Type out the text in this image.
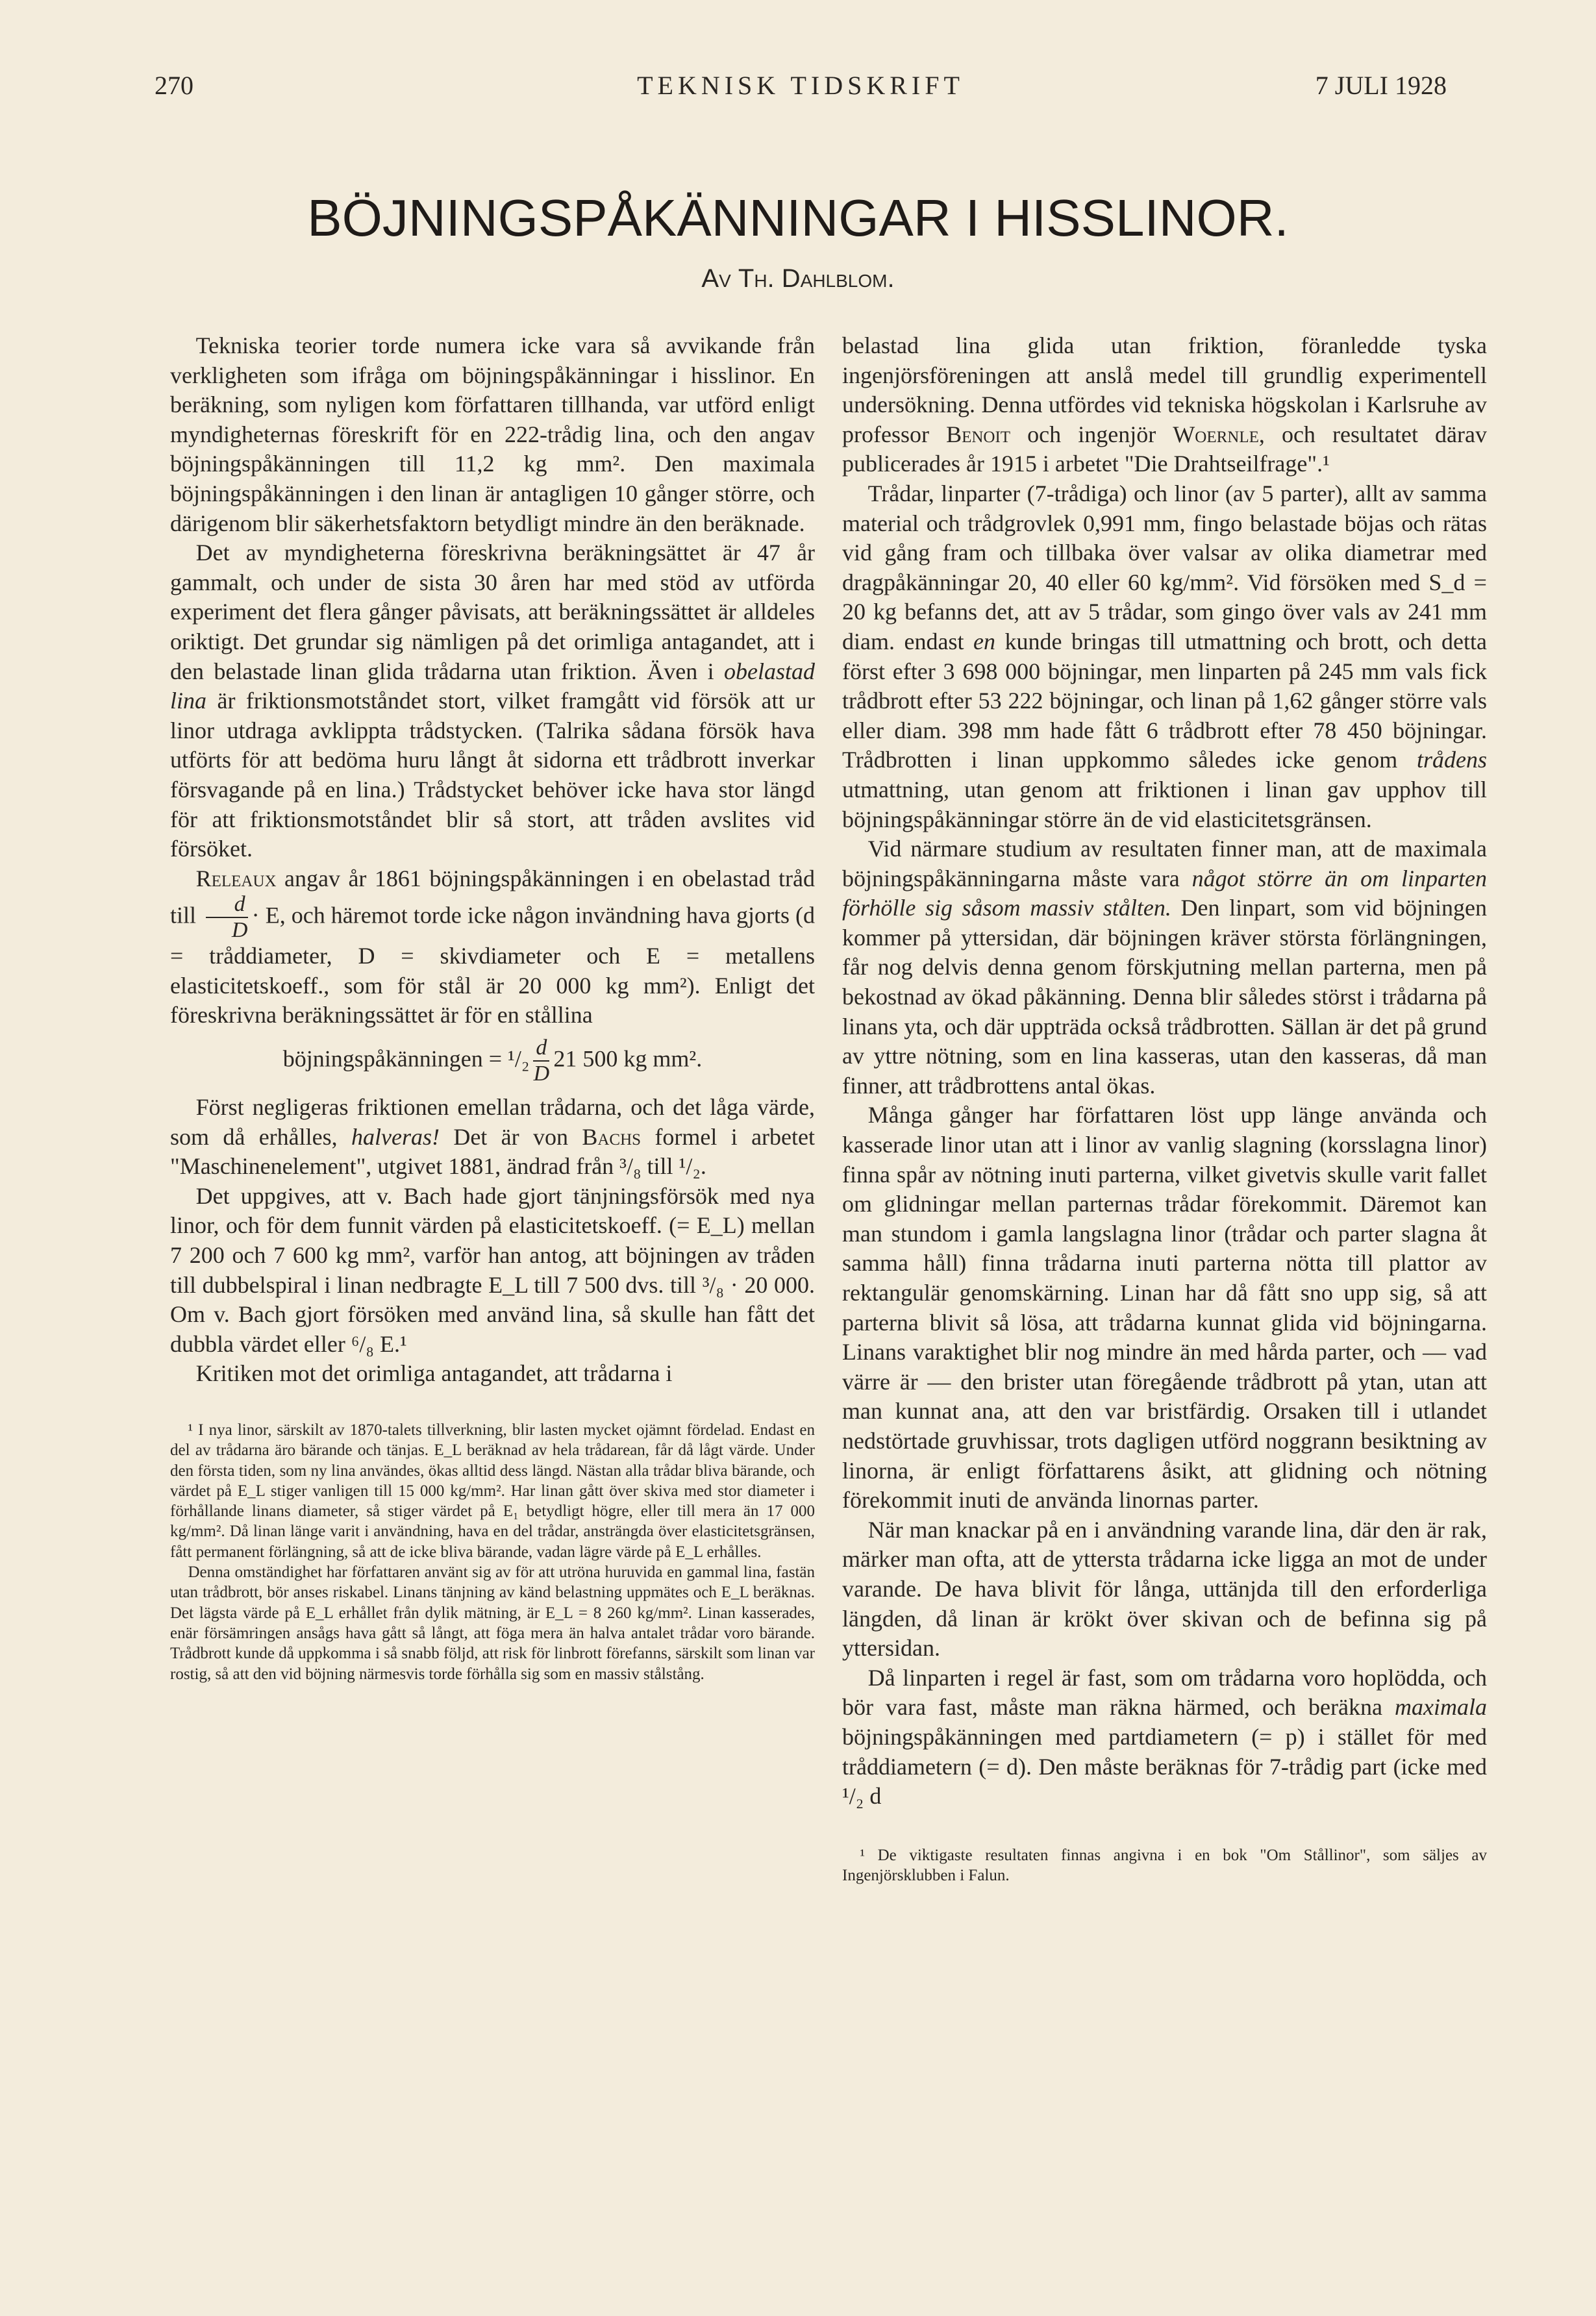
270	TEKNISK TIDSKRIFT	7 JULI 1928
BÖJNINGSPÅKÄNNINGAR I HISSLINOR.
Av Th. Dahlblom.

Tekniska teorier torde numera icke vara så avvikande från verkligheten som ifråga om böjningspåkänningar i hisslinor. En beräkning, som nyligen kom författaren tillhanda, var utförd enligt myndigheternas föreskrift för en 222-trådig lina, och den angav böjningspåkänningen till 11,2 kg mm². Den maximala böjningspåkänningen i den linan är antagligen 10 gånger större, och därigenom blir säkerhetsfaktorn betydligt mindre än den beräknade.

Det av myndigheterna föreskrivna beräkningsättet är 47 år gammalt, och under de sista 30 åren har med stöd av utförda experiment det flera gånger påvisats, att beräkningssättet är alldeles oriktigt. Det grundar sig nämligen på det orimliga antagandet, att i den belastade linan glida trådarna utan friktion. Även i obelastad lina är friktionsmotståndet stort, vilket framgått vid försök att ur linor utdraga avklippta trådstycken. (Talrika sådana försök hava utförts för att bedöma huru långt åt sidorna ett trådbrott inverkar försvagande på en lina.) Trådstycket behöver icke hava stor längd för att friktionsmotståndet blir så stort, att tråden avslites vid försöket.

Releaux angav år 1861 böjningspåkänningen i en obelastad tråd till $\frac{d}{D} \cdot E$, och häremot torde icke någon invändning hava gjorts (d = tråddiameter, D = skivdiameter och E = metallens elasticitetskoeff., som för stål är 20 000 kg mm²). Enligt det föreskrivna beräkningssättet är för en stållina

böjningspåkänningen = $^1/_2 \frac{d}{D} 21$ 500 kg mm².

Först negligeras friktionen emellan trådarna, och det låga värde, som då erhålles, halveras! Det är von Bachs formel i arbetet "Maschinenelement", utgivet 1881, ändrad från ³/₈ till ¹/₂.

Det uppgives, att v. Bach hade gjort tänjningsförsök med nya linor, och för dem funnit värden på elasticitetskoeff. (= E_L) mellan 7 200 och 7 600 kg mm², varför han antog, att böjningen av tråden till dubbelspiral i linan nedbragte E_L till 7 500 dvs. till ³/₈ · 20 000. Om v. Bach gjort försöken med använd lina, så skulle han fått det dubbla värdet eller ⁶/₈ E.¹

Kritiken mot det orimliga antagandet, att trådarna i

¹ I nya linor, särskilt av 1870-talets tillverkning, blir lasten mycket ojämnt fördelad. Endast en del av trådarna äro bärande och tänjas. E_L beräknad av hela trådarean, får då lågt värde. Under den första tiden, som ny lina användes, ökas alltid dess längd. Nästan alla trådar bliva bärande, och värdet på E_L stiger vanligen till 15 000 kg/mm². Har linan gått över skiva med stor diameter i förhållande linans diameter, så stiger värdet på E₁ betydligt högre, eller till mera än 17 000 kg/mm². Då linan länge varit i användning, hava en del trådar, ansträngda över elasticitetsgränsen, fått permanent förlängning, så att de icke bliva bärande, vadan lägre värde på E_L erhålles.

Denna omständighet har författaren använt sig av för att utröna huruvida en gammal lina, fastän utan trådbrott, bör anses riskabel. Linans tänjning av känd belastning uppmätes och E_L beräknas. Det lägsta värde på E_L erhållet från dylik mätning, är E_L = 8 260 kg/mm². Linan kasserades, enär försämringen ansågs hava gått så långt, att föga mera än halva antalet trådar voro bärande. Trådbrott kunde då uppkomma i så snabb följd, att risk för linbrott förefanns, särskilt som linan var rostig, så att den vid böjning närmesvis torde förhålla sig som en massiv stålstång.

belastad lina glida utan friktion, föranledde tyska ingenjörsföreningen att anslå medel till grundlig experimentell undersökning. Denna utfördes vid tekniska högskolan i Karlsruhe av professor Benoit och ingenjör Woernle, och resultatet därav publicerades år 1915 i arbetet "Die Drahtseilfrage".¹

Trådar, linparter (7-trådiga) och linor (av 5 parter), allt av samma material och trådgrovlek 0,991 mm, fingo belastade böjas och rätas vid gång fram och tillbaka över valsar av olika diametrar med dragpåkänningar 20, 40 eller 60 kg/mm². Vid försöken med S_d = 20 kg befanns det, att av 5 trådar, som gingo över vals av 241 mm diam. endast en kunde bringas till utmattning och brott, och detta först efter 3 698 000 böjningar, men linparten på 245 mm vals fick trådbrott efter 53 222 böjningar, och linan på 1,62 gånger större vals eller diam. 398 mm hade fått 6 trådbrott efter 78 450 böjningar. Trådbrotten i linan uppkommo således icke genom trådens utmattning, utan genom att friktionen i linan gav upphov till böjningspåkänningar större än de vid elasticitetsgränsen.

Vid närmare studium av resultaten finner man, att de maximala böjningspåkänningarna måste vara något större än om linparten förhölle sig såsom massiv stålten. Den linpart, som vid böjningen kommer på yttersidan, där böjningen kräver största förlängningen, får nog delvis denna genom förskjutning mellan parterna, men på bekostnad av ökad påkänning. Denna blir således störst i trådarna på linans yta, och där uppträda också trådbrotten. Sällan är det på grund av yttre nötning, som en lina kasseras, utan den kasseras, då man finner, att trådbrottens antal ökas.

Många gånger har författaren löst upp länge använda och kasserade linor utan att i linor av vanlig slagning (korsslagna linor) finna spår av nötning inuti parterna, vilket givetvis skulle varit fallet om glidningar mellan parternas trådar förekommit. Däremot kan man stundom i gamla langslagna linor (trådar och parter slagna åt samma håll) finna trådarna inuti parterna nötta till plattor av rektangulär genomskärning. Linan har då fått sno upp sig, så att parterna blivit så lösa, att trådarna kunnat glida vid böjningarna. Linans varaktighet blir nog mindre än med hårda parter, och — vad värre är — den brister utan föregående trådbrott på ytan, utan att man kunnat ana, att den var bristfärdig. Orsaken till i utlandet nedstörtade gruvhissar, trots dagligen utförd noggrann besiktning av linorna, är enligt författarens åsikt, att glidning och nötning förekommit inuti de använda linornas parter.

När man knackar på en i användning varande lina, där den är rak, märker man ofta, att de yttersta trådarna icke ligga an mot de under varande. De hava blivit för långa, uttänjda till den erforderliga längden, då linan är krökt över skivan och de befinna sig på yttersidan.

Då linparten i regel är fast, som om trådarna voro hoplödda, och bör vara fast, måste man räkna härmed, och beräkna maximala böjningspåkänningen med partdiametern (= p) i stället för med tråddiametern (= d). Den måste beräknas för 7-trådig part (icke med ¹/₂ d

¹ De viktigaste resultaten finnas angivna i en bok "Om Stållinor", som säljes av Ingenjörsklubben i Falun.
